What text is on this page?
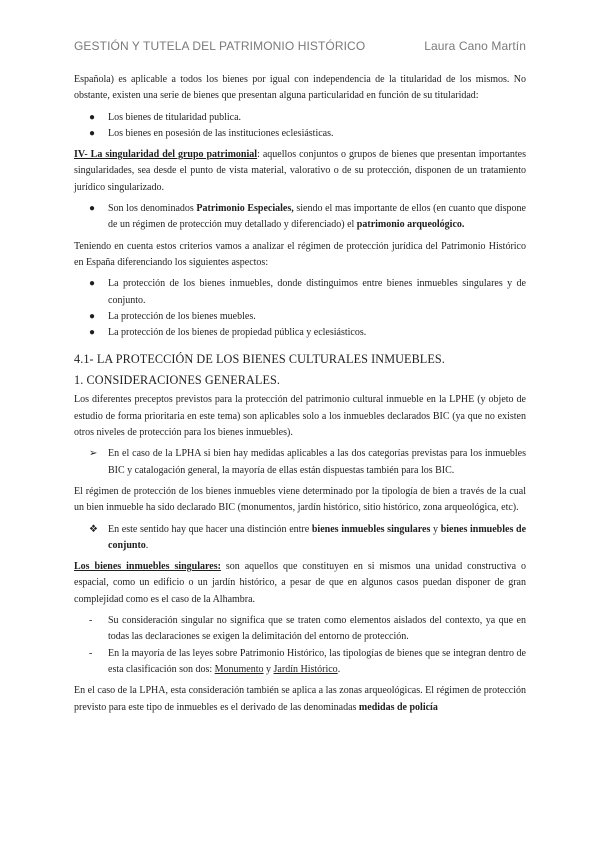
GESTIÓN Y TUTELA DEL PATRIMONIO HISTÓRICO	Laura Cano Martín

Española) es aplicable a todos los bienes por igual con independencia de la titularidad de los mismos. No obstante, existen una serie de bienes que presentan alguna particularidad en función de su titularidad:

● Los bienes de titularidad publica.
● Los bienes en posesión de las instituciones eclesiásticas.

IV- La singularidad del grupo patrimonial: aquellos conjuntos o grupos de bienes que presentan importantes singularidades, sea desde el punto de vista material, valorativo o de su protección, disponen de un tratamiento jurídico singularizado.

● Son los denominados Patrimonio Especiales, siendo el mas importante de ellos (en cuanto que dispone de un régimen de protección muy detallado y diferenciado) el patrimonio arqueológico.

Teniendo en cuenta estos criterios vamos a analizar el régimen de protección jurídica del Patrimonio Histórico en España diferenciando los siguientes aspectos:

● La protección de los bienes inmuebles, donde distinguimos entre bienes inmuebles singulares y de conjunto.
● La protección de los bienes muebles.
● La protección de los bienes de propiedad pública y eclesiásticos.
4.1- LA PROTECCIÓN DE LOS BIENES CULTURALES INMUEBLES.
1. CONSIDERACIONES GENERALES.

Los diferentes preceptos previstos para la protección del patrimonio cultural inmueble en la LPHE (y objeto de estudio de forma prioritaria en este tema) son aplicables solo a los inmuebles declarados BIC (ya que no existen otros niveles de protección para los bienes inmuebles).

➢ En el caso de la LPHA si bien hay medidas aplicables a las dos categorías previstas para los inmuebles BIC y catalogación general, la mayoría de ellas están dispuestas también para los BIC.

El régimen de protección de los bienes inmuebles viene determinado por la tipología de bien a través de la cual un bien inmueble ha sido declarado BIC (monumentos, jardín histórico, sitio histórico, zona arqueológica, etc).

❖ En este sentido hay que hacer una distinción entre bienes inmuebles singulares y bienes inmuebles de conjunto.

Los bienes inmuebles singulares: son aquellos que constituyen en si mismos una unidad constructiva o espacial, como un edificio o un jardín histórico, a pesar de que en algunos casos puedan disponer de gran complejidad como es el caso de la Alhambra.

- Su consideración singular no significa que se traten como elementos aislados del contexto, ya que en todas las declaraciones se exigen la delimitación del entorno de protección.
- En la mayoría de las leyes sobre Patrimonio Histórico, las tipologías de bienes que se integran dentro de esta clasificación son dos: Monumento y Jardín Histórico.

En el caso de la LPHA, esta consideración también se aplica a las zonas arqueológicas. El régimen de protección previsto para este tipo de inmuebles es el derivado de las denominadas medidas de policía
